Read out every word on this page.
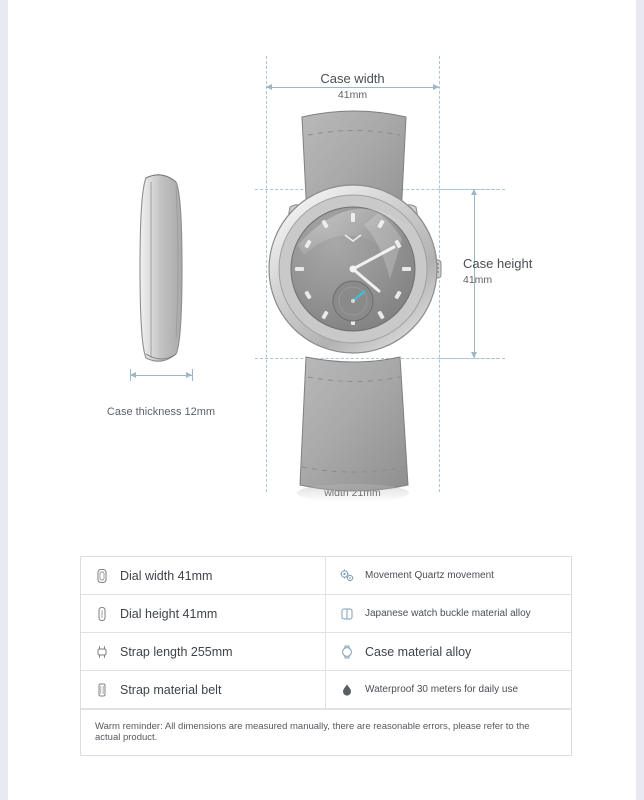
Case width
41mm
Case height
41mm
Case thickness 12mm
Dial width 41mm	Movement Quartz movement
Dial height 41mm	Japanese watch buckle material alloy
Strap length 255mm	Case material alloy
Strap material belt	Waterproof 30 meters for daily use
Warm reminder: All dimensions are measured manually, there are reasonable errors, please refer to the actual product.
